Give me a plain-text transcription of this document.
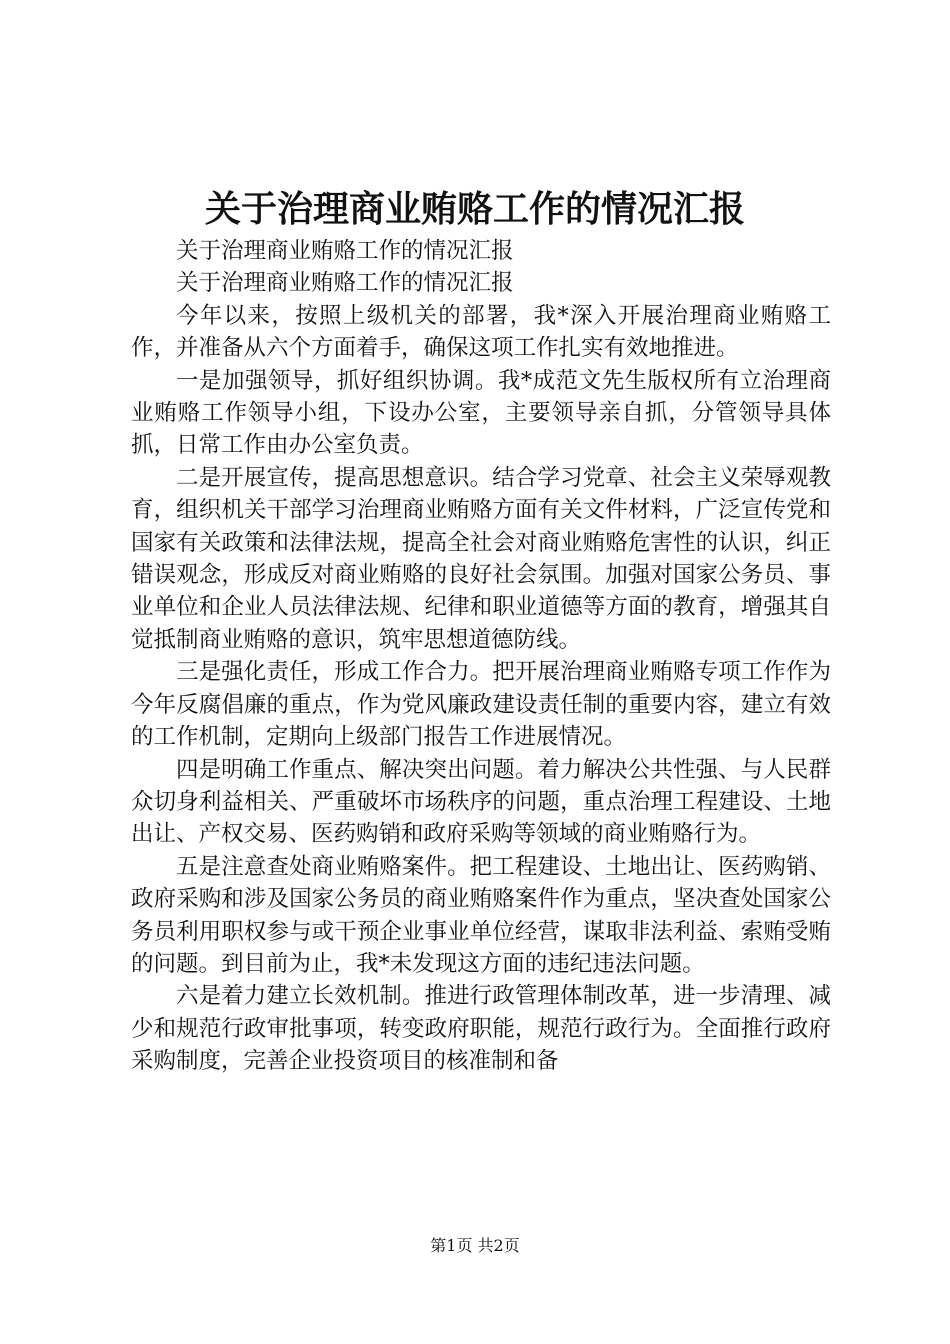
关于治理商业贿赂工作的情况汇报

关于治理商业贿赂工作的情况汇报

关于治理商业贿赂工作的情况汇报

今年以来，按照上级机关的部署，我*深入开展治理商业贿赂工作，并准备从六个方面着手，确保这项工作扎实有效地推进。

一是加强领导，抓好组织协调。我*成范文先生版权所有立治理商业贿赂工作领导小组，下设办公室，主要领导亲自抓，分管领导具体抓，日常工作由办公室负责。

二是开展宣传，提高思想意识。结合学习党章、社会主义荣辱观教育，组织机关干部学习治理商业贿赂方面有关文件材料，广泛宣传党和国家有关政策和法律法规，提高全社会对商业贿赂危害性的认识，纠正错误观念，形成反对商业贿赂的良好社会氛围。加强对国家公务员、事业单位和企业人员法律法规、纪律和职业道德等方面的教育，增强其自觉抵制商业贿赂的意识，筑牢思想道德防线。

三是强化责任，形成工作合力。把开展治理商业贿赂专项工作作为今年反腐倡廉的重点，作为党风廉政建设责任制的重要内容，建立有效的工作机制，定期向上级部门报告工作进展情况。

四是明确工作重点、解决突出问题。着力解决公共性强、与人民群众切身利益相关、严重破坏市场秩序的问题，重点治理工程建设、土地出让、产权交易、医药购销和政府采购等领域的商业贿赂行为。

五是注意查处商业贿赂案件。把工程建设、土地出让、医药购销、政府采购和涉及国家公务员的商业贿赂案件作为重点，坚决查处国家公务员利用职权参与或干预企业事业单位经营，谋取非法利益、索贿受贿的问题。到目前为止，我*未发现这方面的违纪违法问题。

六是着力建立长效机制。推进行政管理体制改革，进一步清理、减少和规范行政审批事项，转变政府职能，规范行政行为。全面推行政府采购制度，完善企业投资项目的核准制和备

第1页 共2页
